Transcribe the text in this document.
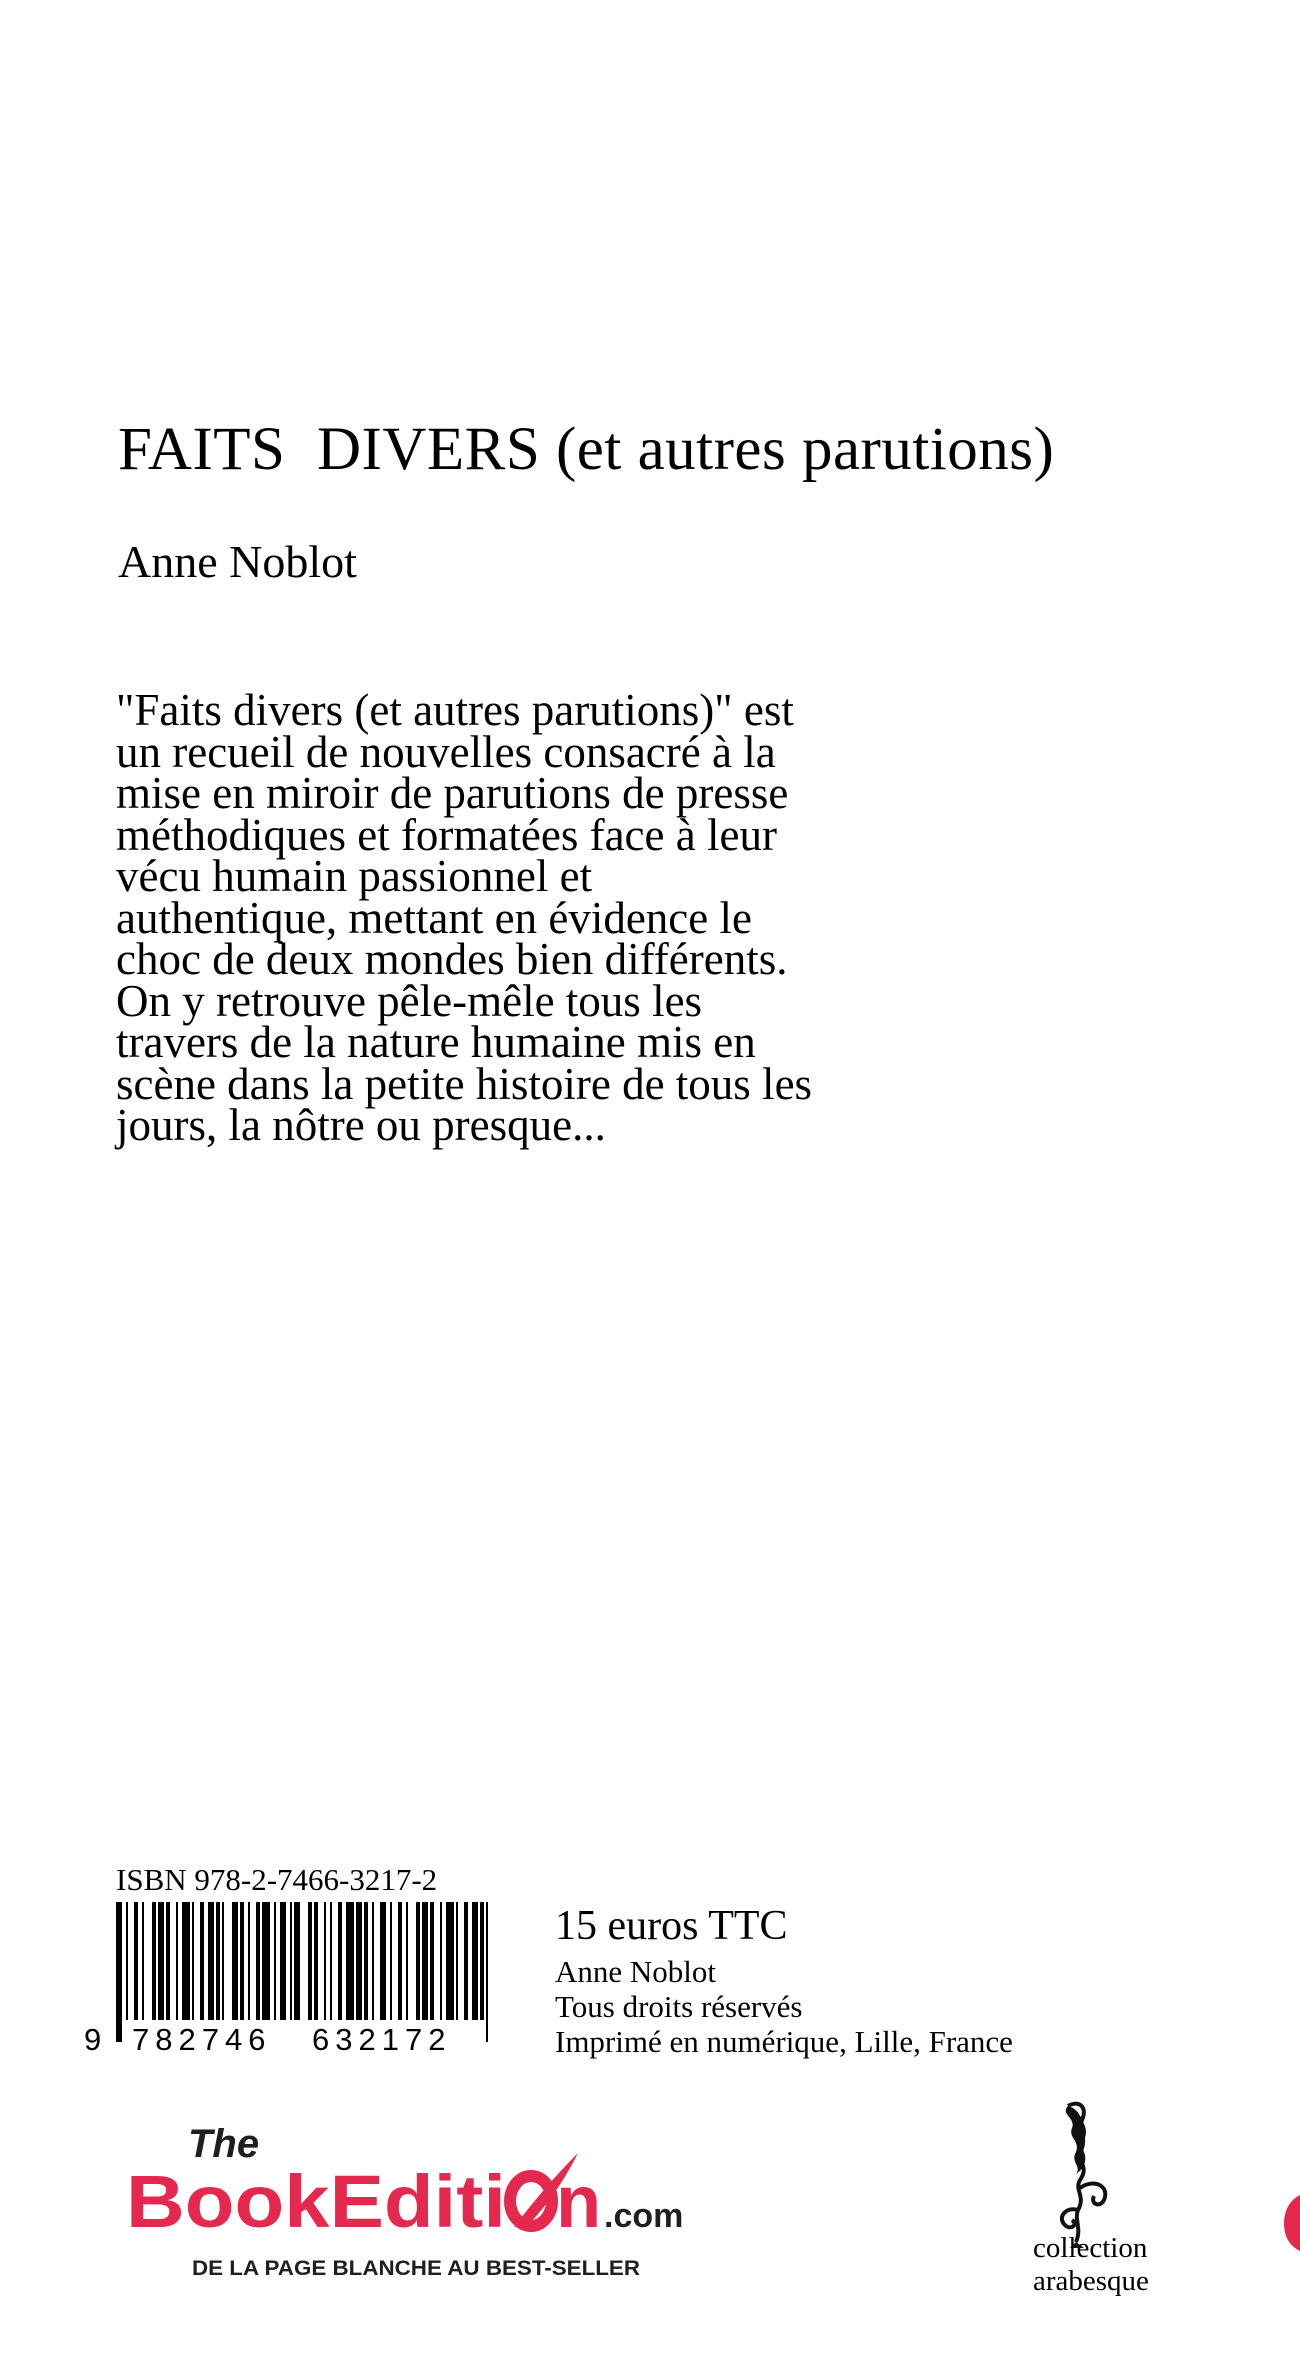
FAITS  DIVERS (et autres parutions)
Anne Noblot
"Faits divers (et autres parutions)" est
un recueil de nouvelles consacré à la
mise en miroir de parutions de presse
méthodiques et formatées face à leur
vécu humain passionnel et
authentique, mettant en évidence le
choc de deux mondes bien différents.
On y retrouve pêle-mêle tous les
travers de la nature humaine mis en
scène dans la petite histoire de tous les
jours, la nôtre ou presque...
ISBN 978-2-7466-3217-2
9 782746 632172
15 euros TTC
Anne Noblot
Tous droits réservés
Imprimé en numérique, Lille, France
The
BookEditi n .com
DE LA PAGE BLANCHE AU BEST-SELLER
collection
arabesque
